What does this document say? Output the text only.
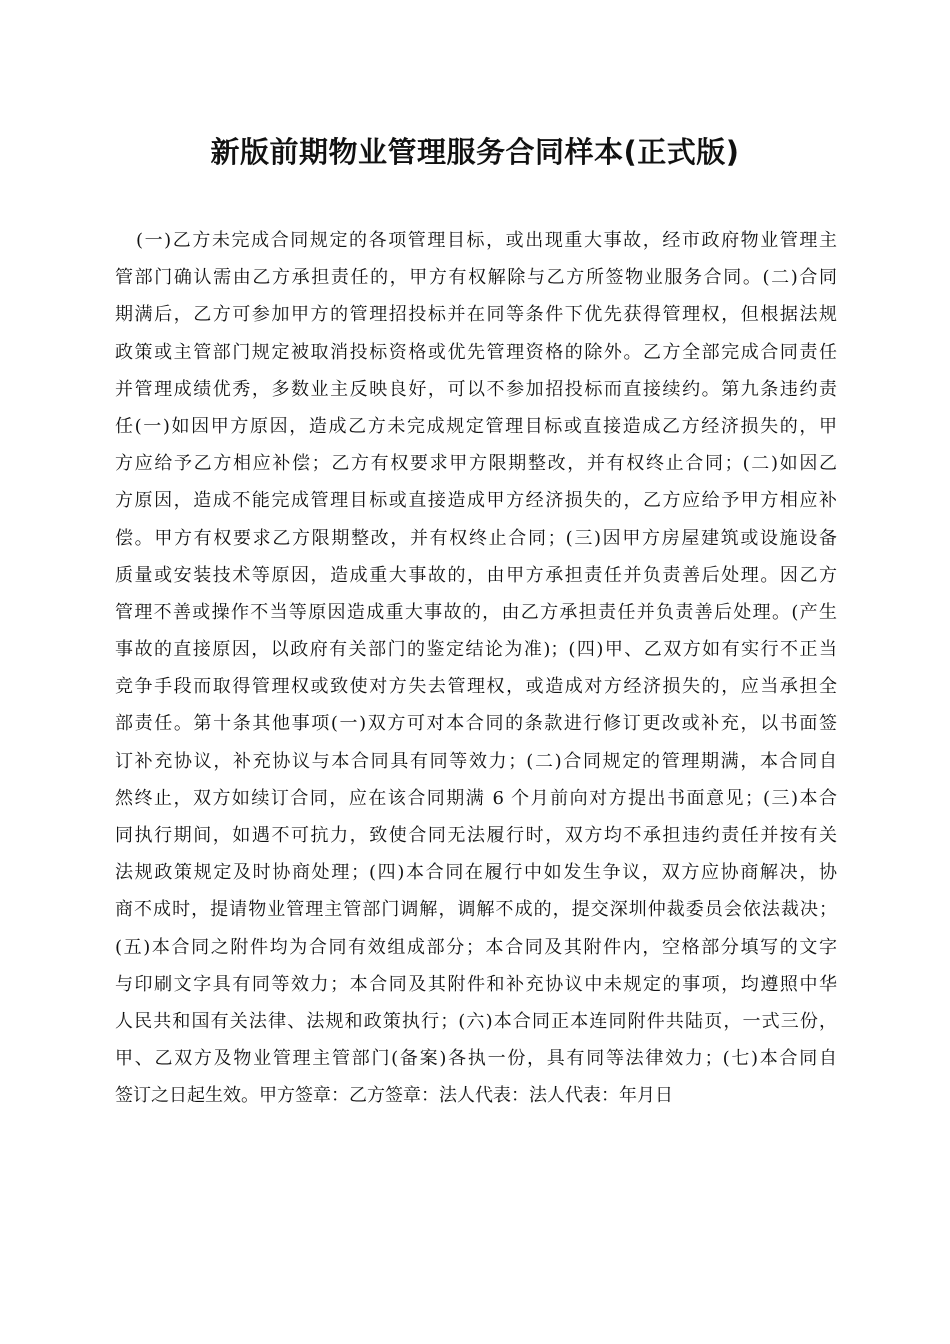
新版前期物业管理服务合同样本(正式版)
(一)乙方未完成合同规定的各项管理目标，或出现重大事故，经市政府物业管理主
管部门确认需由乙方承担责任的，甲方有权解除与乙方所签物业服务合同。(二)合同
期满后，乙方可参加甲方的管理招投标并在同等条件下优先获得管理权，但根据法规
政策或主管部门规定被取消投标资格或优先管理资格的除外。乙方全部完成合同责任
并管理成绩优秀，多数业主反映良好，可以不参加招投标而直接续约。第九条违约责
任(一)如因甲方原因，造成乙方未完成规定管理目标或直接造成乙方经济损失的，甲
方应给予乙方相应补偿；乙方有权要求甲方限期整改，并有权终止合同；(二)如因乙
方原因，造成不能完成管理目标或直接造成甲方经济损失的，乙方应给予甲方相应补
偿。甲方有权要求乙方限期整改，并有权终止合同；(三)因甲方房屋建筑或设施设备
质量或安装技术等原因，造成重大事故的，由甲方承担责任并负责善后处理。因乙方
管理不善或操作不当等原因造成重大事故的，由乙方承担责任并负责善后处理。(产生
事故的直接原因，以政府有关部门的鉴定结论为准)；(四)甲、乙双方如有实行不正当
竞争手段而取得管理权或致使对方失去管理权，或造成对方经济损失的，应当承担全
部责任。第十条其他事项(一)双方可对本合同的条款进行修订更改或补充，以书面签
订补充协议，补充协议与本合同具有同等效力；(二)合同规定的管理期满，本合同自
然终止，双方如续订合同，应在该合同期满 6 个月前向对方提出书面意见；(三)本合
同执行期间，如遇不可抗力，致使合同无法履行时，双方均不承担违约责任并按有关
法规政策规定及时协商处理；(四)本合同在履行中如发生争议，双方应协商解决，协
商不成时，提请物业管理主管部门调解，调解不成的，提交深圳仲裁委员会依法裁决；
(五)本合同之附件均为合同有效组成部分；本合同及其附件内，空格部分填写的文字
与印刷文字具有同等效力；本合同及其附件和补充协议中未规定的事项，均遵照中华
人民共和国有关法律、法规和政策执行；(六)本合同正本连同附件共陆页，一式三份，
甲、乙双方及物业管理主管部门(备案)各执一份，具有同等法律效力；(七)本合同自
签订之日起生效。甲方签章：乙方签章：法人代表：法人代表：年月日
